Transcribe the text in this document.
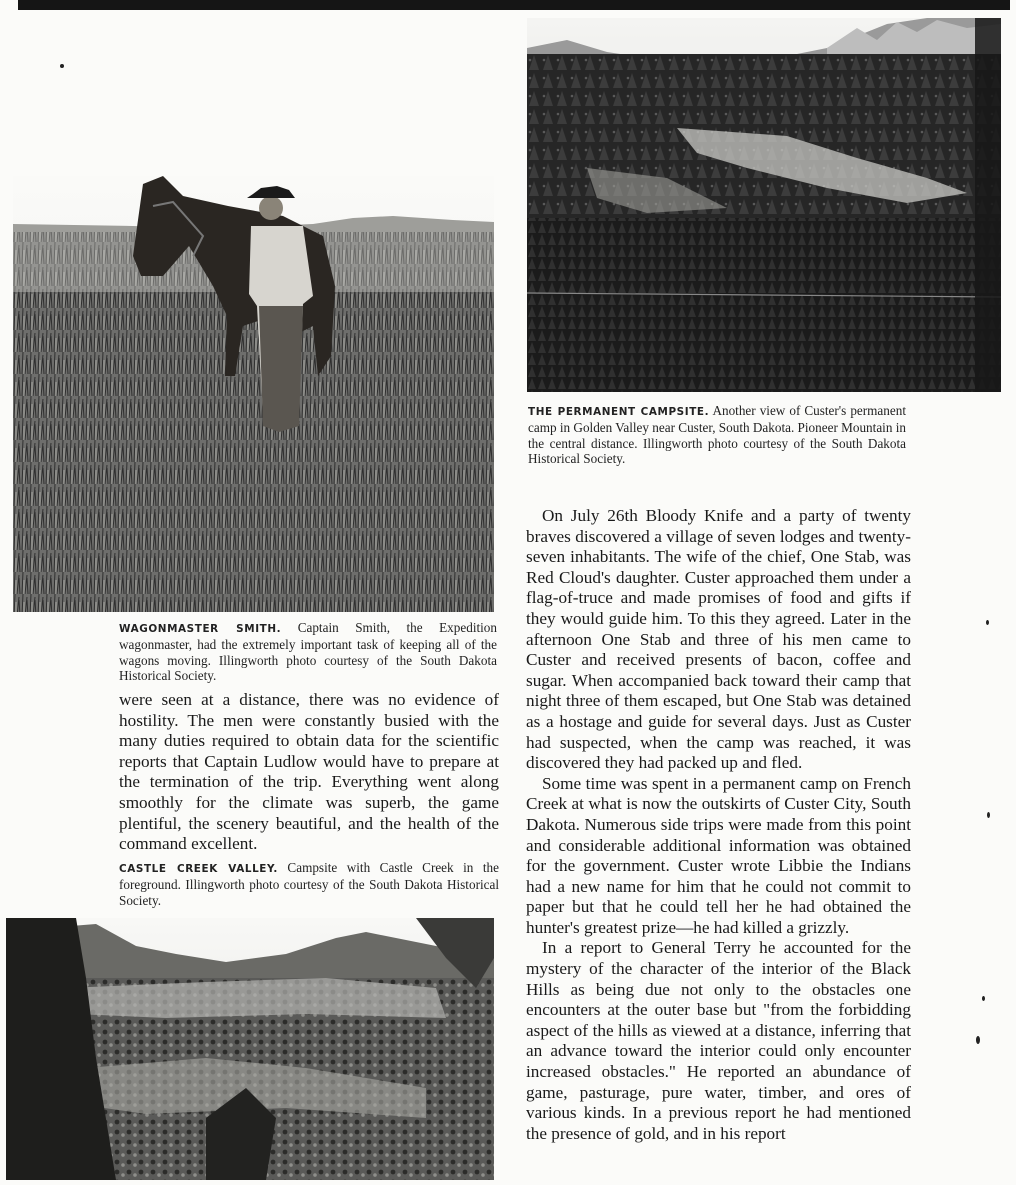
THE PERMANENT CAMPSITE. Another view of Custer's permanent camp in Golden Valley near Custer, South Dakota. Pioneer Mountain in the central distance. Illingworth photo courtesy of the South Dakota Historical Society.
WAGONMASTER SMITH. Captain Smith, the Expedition wagonmaster, had the extremely important task of keeping all of the wagons moving. Illingworth photo courtesy of the South Dakota Historical Society.

were seen at a distance, there was no evidence of hostility. The men were constantly busied with the many duties required to obtain data for the scientific reports that Captain Ludlow would have to prepare at the termination of the trip. Everything went along smoothly for the climate was superb, the game plentiful, the scenery beautiful, and the health of the command excellent.

CASTLE CREEK VALLEY. Campsite with Castle Creek in the foreground. Illingworth photo courtesy of the South Dakota Historical Society.

On July 26th Bloody Knife and a party of twenty braves discovered a village of seven lodges and twenty-seven inhabitants. The wife of the chief, One Stab, was Red Cloud's daughter. Custer approached them under a flag-of-truce and made promises of food and gifts if they would guide him. To this they agreed. Later in the afternoon One Stab and three of his men came to Custer and received presents of bacon, coffee and sugar. When accompanied back toward their camp that night three of them escaped, but One Stab was detained as a hostage and guide for several days. Just as Custer had suspected, when the camp was reached, it was discovered they had packed up and fled.

Some time was spent in a permanent camp on French Creek at what is now the outskirts of Custer City, South Dakota. Numerous side trips were made from this point and considerable additional information was obtained for the government. Custer wrote Libbie the Indians had a new name for him that he could not commit to paper but that he could tell her he had obtained the hunter's greatest prize—he had killed a grizzly.

In a report to General Terry he accounted for the mystery of the character of the interior of the Black Hills as being due not only to the obstacles one encounters at the outer base but "from the forbidding aspect of the hills as viewed at a distance, inferring that an advance toward the interior could only encounter increased obstacles." He reported an abundance of game, pasturage, pure water, timber, and ores of various kinds. In a previous report he had mentioned the presence of gold, and in his report
